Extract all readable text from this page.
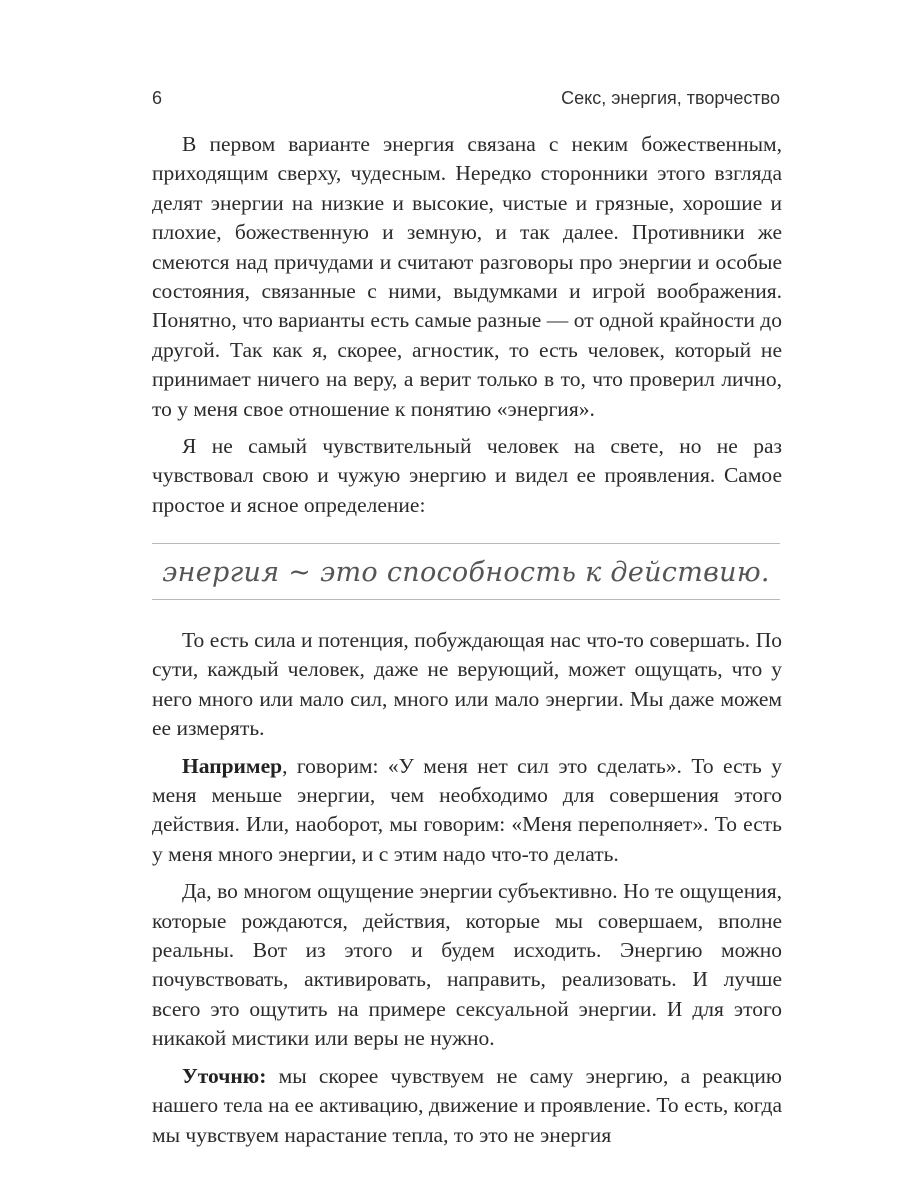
6	Секс, энергия, творчество

В первом варианте энергия связана с неким божественным, приходящим сверху, чудесным. Нередко сторонники этого взгляда делят энергии на низкие и высокие, чистые и грязные, хорошие и плохие, божественную и земную, и так далее. Противники же смеются над причудами и считают разговоры про энергии и особые состояния, связанные с ними, выдумками и игрой воображения. Понятно, что варианты есть самые разные — от одной крайности до другой. Так как я, скорее, агностик, то есть человек, который не принимает ничего на веру, а верит только в то, что проверил лично, то у меня свое отношение к понятию «энергия».

Я не самый чувствительный человек на свете, но не раз чувствовал свою и чужую энергию и видел ее проявления. Самое простое и ясное определение:

энергия ~ это способность к действию.

То есть сила и потенция, побуждающая нас что-то совершать. По сути, каждый человек, даже не верующий, может ощущать, что у него много или мало сил, много или мало энергии. Мы даже можем ее измерять.

Например, говорим: «У меня нет сил это сделать». То есть у меня меньше энергии, чем необходимо для совершения этого действия. Или, наоборот, мы говорим: «Меня переполняет». То есть у меня много энергии, и с этим надо что-то делать.

Да, во многом ощущение энергии субъективно. Но те ощущения, которые рождаются, действия, которые мы совершаем, вполне реальны. Вот из этого и будем исходить. Энергию можно почувствовать, активировать, направить, реализовать. И лучше всего это ощутить на примере сексуальной энергии. И для этого никакой мистики или веры не нужно.

Уточню: мы скорее чувствуем не саму энергию, а реакцию нашего тела на ее активацию, движение и проявление. То есть, когда мы чувствуем нарастание тепла, то это не энергия
